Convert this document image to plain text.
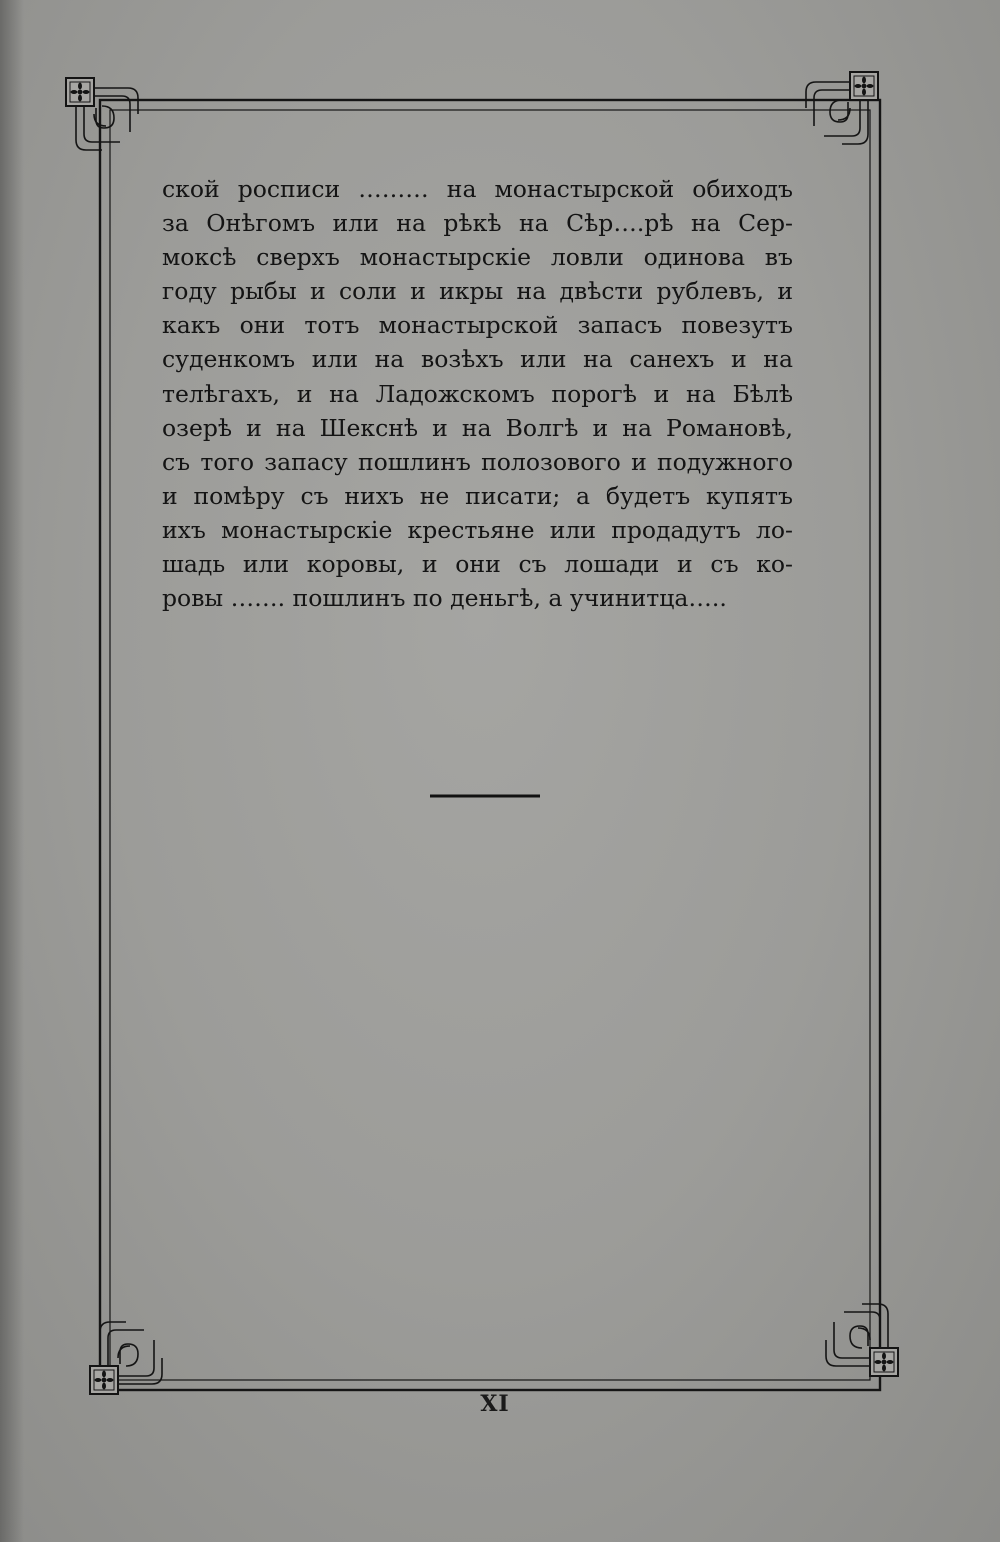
ской росписи ……… на монастырской обиходъ
за Онѣгомъ или на рѣкѣ на Сѣр….рѣ на Сер-
моксѣ сверхъ монастырскіе ловли одинова въ
году рыбы и соли и икры на двѣсти рублевъ, и
какъ они тотъ монастырской запасъ повезутъ
суденкомъ или на возѣхъ или на санехъ и на
телѣгахъ, и на Ладожскомъ порогѣ и на Бѣлѣ
озерѣ и на Шекснѣ и на Волгѣ и на Романовѣ,
съ того запасу пошлинъ полозового и подужного
и помѣру съ нихъ не писати; а будетъ купятъ
ихъ монастырскіе крестьяне или продадутъ ло-
шадь или коровы, и они съ лошади и съ ко-
ровы ……. пошлинъ по деньгѣ, а учинитца…..
XI
